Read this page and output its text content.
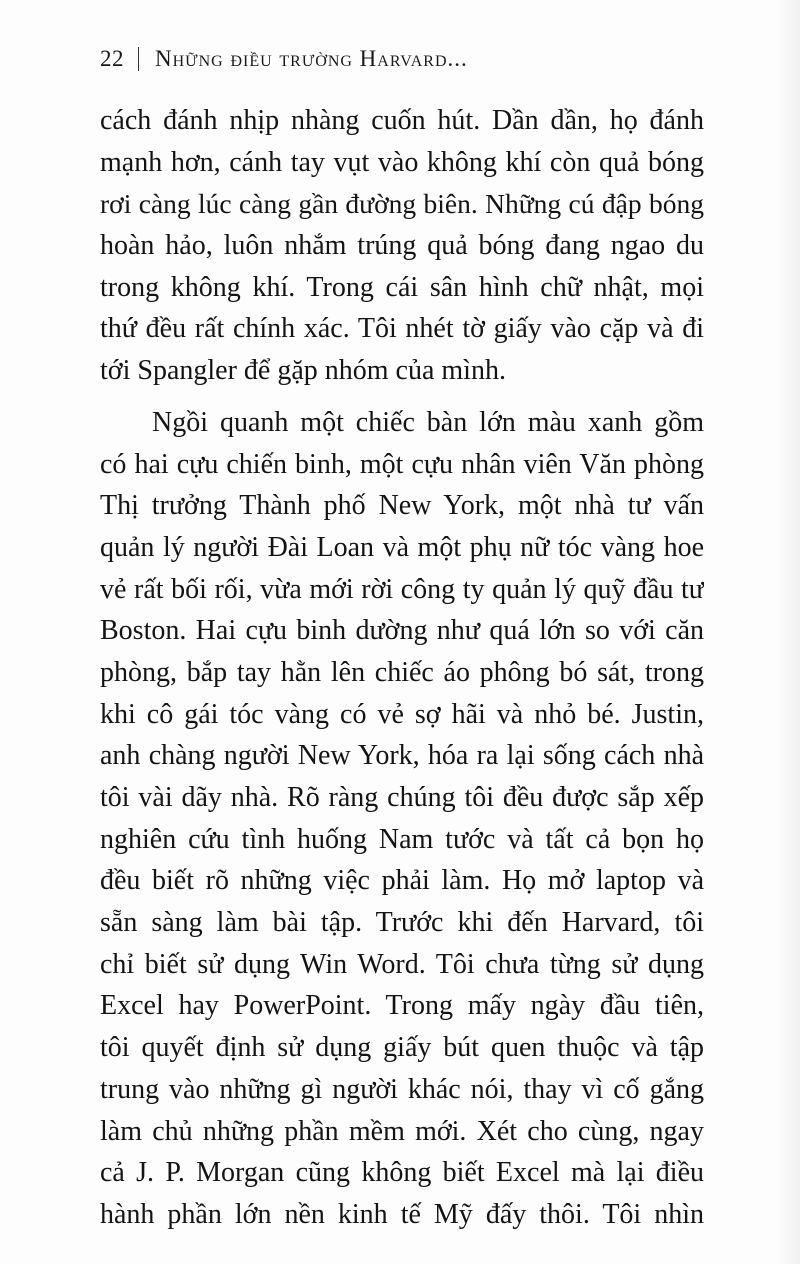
22 Những điều trường Harvard...
cách đánh nhịp nhàng cuốn hút. Dần dần, họ đánh
mạnh hơn, cánh tay vụt vào không khí còn quả bóng
rơi càng lúc càng gần đường biên. Những cú đập bóng
hoàn hảo, luôn nhắm trúng quả bóng đang ngao du
trong không khí. Trong cái sân hình chữ nhật, mọi
thứ đều rất chính xác. Tôi nhét tờ giấy vào cặp và đi
tới Spangler để gặp nhóm của mình.
Ngồi quanh một chiếc bàn lớn màu xanh gồm
có hai cựu chiến binh, một cựu nhân viên Văn phòng
Thị trưởng Thành phố New York, một nhà tư vấn
quản lý người Đài Loan và một phụ nữ tóc vàng hoe
vẻ rất bối rối, vừa mới rời công ty quản lý quỹ đầu tư
Boston. Hai cựu binh dường như quá lớn so với căn
phòng, bắp tay hằn lên chiếc áo phông bó sát, trong
khi cô gái tóc vàng có vẻ sợ hãi và nhỏ bé. Justin,
anh chàng người New York, hóa ra lại sống cách nhà
tôi vài dãy nhà. Rõ ràng chúng tôi đều được sắp xếp
nghiên cứu tình huống Nam tước và tất cả bọn họ
đều biết rõ những việc phải làm. Họ mở laptop và
sẵn sàng làm bài tập. Trước khi đến Harvard, tôi
chỉ biết sử dụng Win Word. Tôi chưa từng sử dụng
Excel hay PowerPoint. Trong mấy ngày đầu tiên,
tôi quyết định sử dụng giấy bút quen thuộc và tập
trung vào những gì người khác nói, thay vì cố gắng
làm chủ những phần mềm mới. Xét cho cùng, ngay
cả J. P. Morgan cũng không biết Excel mà lại điều
hành phần lớn nền kinh tế Mỹ đấy thôi. Tôi nhìn
